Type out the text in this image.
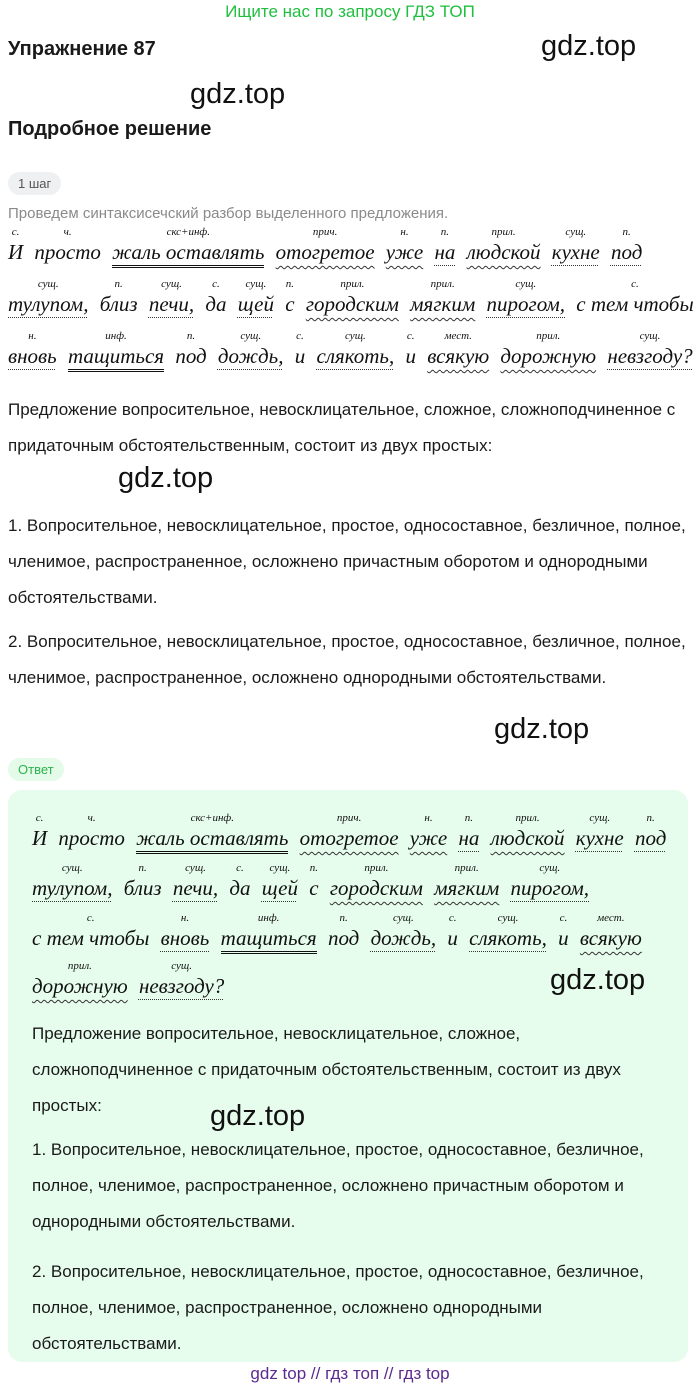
Ищите нас по запросу ГДЗ ТОП
Упражнение 87	gdz.top
gdz.top
Подробное решение
1 шаг
Проведем синтаксисечский разбор выделенного предложения.
с.
И
ч.
просто
скс+инф.
жаль оставлять
прич.
отогретое
н.
уже
п.
на
прил.
людской
сущ.
кухне
п.
под
сущ.
тулупом,
п.
близ
сущ.
печи,
с.
да
сущ.
щей
п.
с
прил.
городским
прил.
мягким
сущ.
пирогом,
с.
с тем чтобы
н.
вновь
инф.
тащиться
п.
под
сущ.
дождь,
с.
и
сущ.
слякоть,
с.
и
мест.
всякую
прил.
дорожную
сущ.
невзгоду?
Предложение вопросительное, невосклицательное, сложное, сложноподчиненное с придаточным обстоятельственным, состоит из двух простых:
gdz.top
1. Вопросительное, невосклицательное, простое, односоставное, безличное, полное, членимое, распространенное, осложнено причастным оборотом и однородными обстоятельствами.
2. Вопросительное, невосклицательное, простое, односоставное, безличное, полное, членимое, распространенное, осложнено однородными обстоятельствами.
gdz.top
Ответ
с.
И
ч.
просто
скс+инф.
жаль оставлять
прич.
отогретое
н.
уже
п.
на
прил.
людской
сущ.
кухне
п.
под
сущ.
тулупом,
п.
близ
сущ.
печи,
с.
да
сущ.
щей
п.
с
прил.
городским
прил.
мягким
сущ.
пирогом,
с.
с тем чтобы
н.
вновь
инф.
тащиться
п.
под
сущ.
дождь,
с.
и
сущ.
слякоть,
с.
и
мест.
всякую
прил.
дорожную
сущ.
невзгоду?	gdz.top
Предложение вопросительное, невосклицательное, сложное, сложноподчиненное с придаточным обстоятельственным, состоит из двух простых:	gdz.top
1. Вопросительное, невосклицательное, простое, односоставное, безличное, полное, членимое, распространенное, осложнено причастным оборотом и однородными обстоятельствами.
2. Вопросительное, невосклицательное, простое, односоставное, безличное, полное, членимое, распространенное, осложнено однородными обстоятельствами.
gdz top // гдз топ // гдз top
